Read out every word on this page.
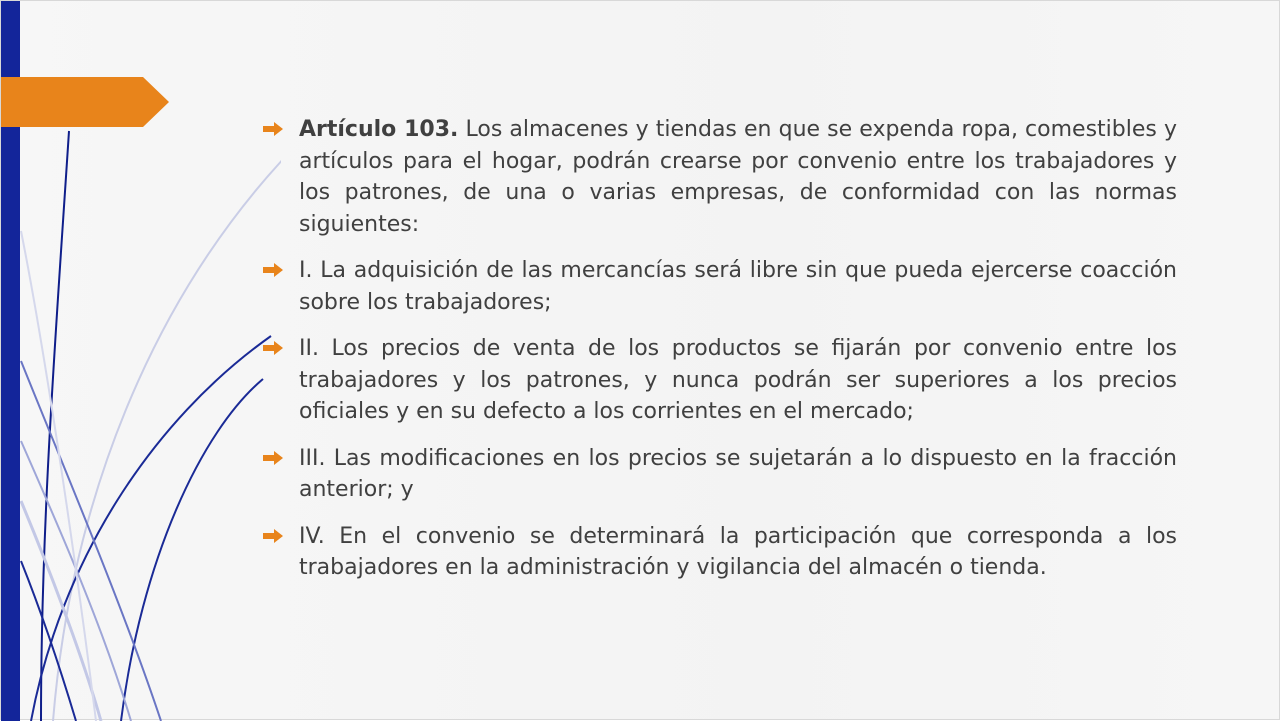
Artículo 103. Los almacenes y tiendas en que se expenda ropa, comestibles y artículos para el hogar, podrán crearse por convenio entre los trabajadores y los patrones, de una o varias empresas, de conformidad con las normas siguientes:
I. La adquisición de las mercancías será libre sin que pueda ejercerse coacción sobre los trabajadores;
II. Los precios de venta de los productos se fijarán por convenio entre los trabajadores y los patrones, y nunca podrán ser superiores a los precios oficiales y en su defecto a los corrientes en el mercado;
III. Las modificaciones en los precios se sujetarán a lo dispuesto en la fracción anterior; y
IV. En el convenio se determinará la participación que corresponda a los trabajadores en la administración y vigilancia del almacén o tienda.
